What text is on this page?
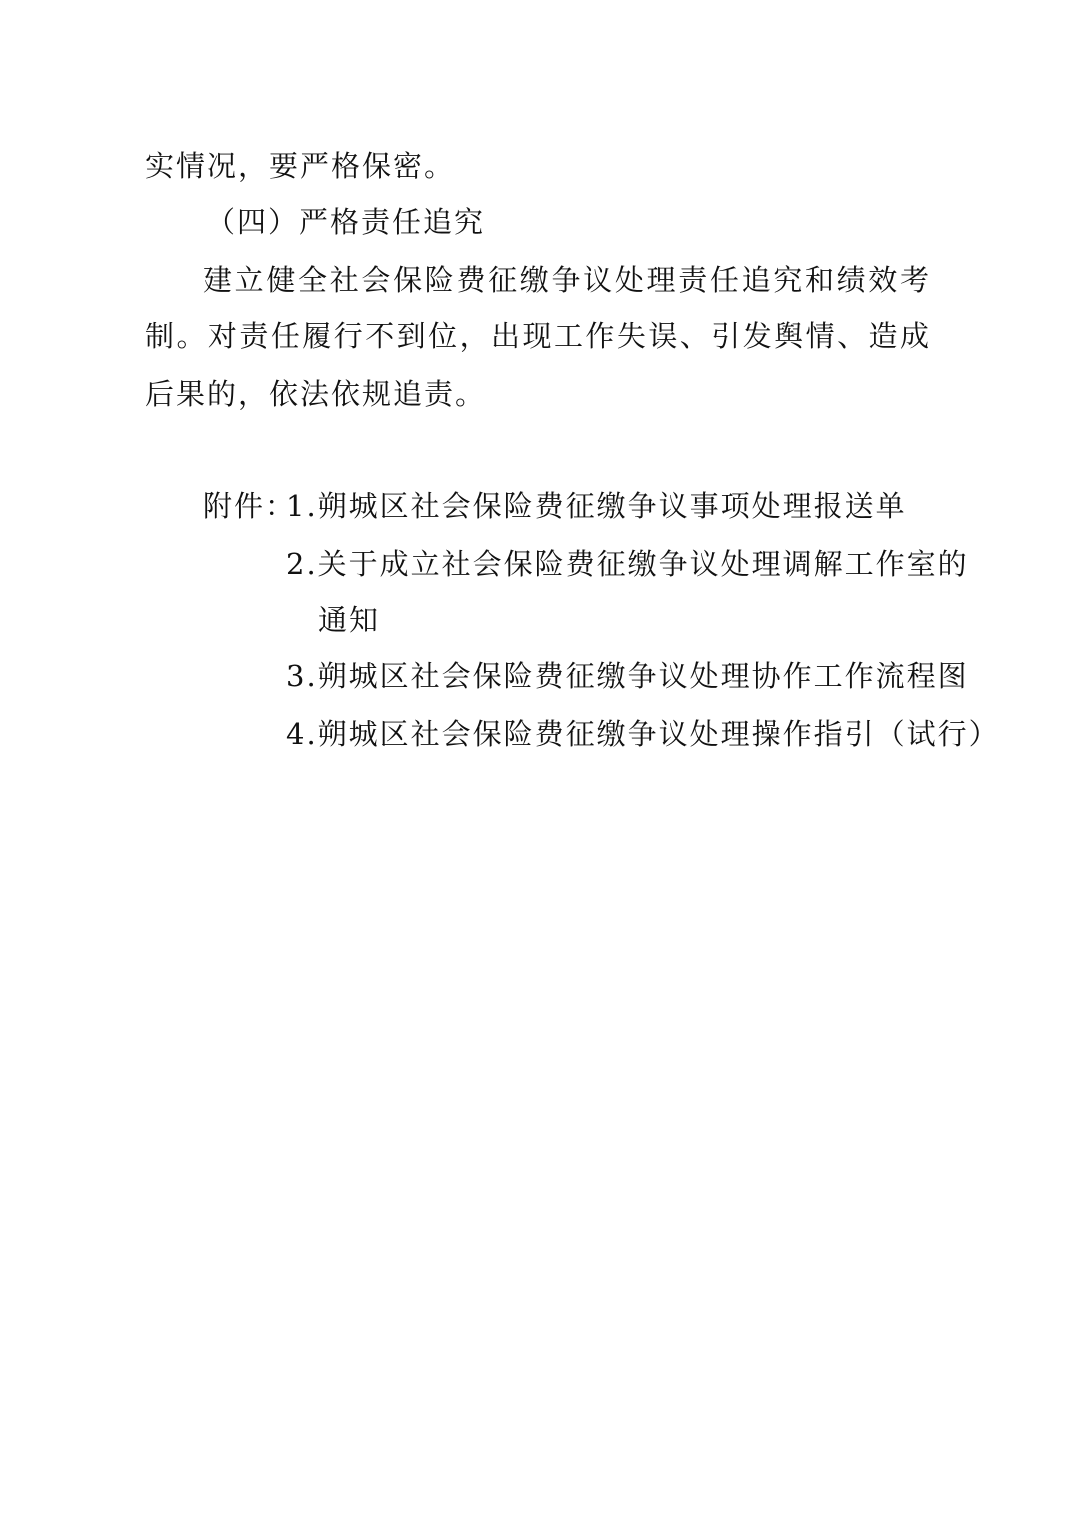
实情况，要严格保密。
（四）严格责任追究
建立健全社会保险费征缴争议处理责任追究和绩效考
制。对责任履行不到位，出现工作失误、引发舆情、造成
后果的，依法依规追责。
附件：
1.朔城区社会保险费征缴争议事项处理报送单
2.关于成立社会保险费征缴争议处理调解工作室的
通知
3.朔城区社会保险费征缴争议处理协作工作流程图
4.朔城区社会保险费征缴争议处理操作指引（试行）
